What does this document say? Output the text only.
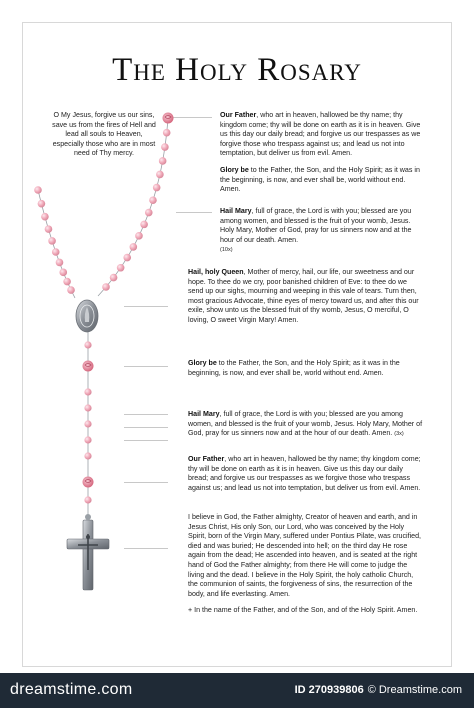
The Holy Rosary
O My Jesus, forgive us our sins, save us from the fires of Hell and lead all souls to Heaven, especially those who are in most need of Thy mercy.
Our Father, who art in heaven, hallowed be thy name; thy kingdom come; thy will be done on earth as it is in heaven. Give us this day our daily bread; and forgive us our trespasses as we forgive those who trespass against us; and lead us not into temptation, but deliver us from evil. Amen.
Glory be to the Father, the Son, and the Holy Spirit; as it was in the beginning, is now, and ever shall be, world without end. Amen.
Hail Mary, full of grace, the Lord is with you; blessed are you among women, and blessed is the fruit of your womb, Jesus. Holy Mary, Mother of God, pray for us sinners now and at the hour of our death. Amen.
(10x)
Hail, holy Queen, Mother of mercy, hail, our life, our sweetness and our hope. To thee do we cry, poor banished children of Eve: to thee do we send up our sighs, mourning and weeping in this vale of tears. Turn then, most gracious Advocate, thine eyes of mercy toward us, and after this our exile, show unto us the blessed fruit of thy womb, Jesus, O merciful, O loving, O sweet Virgin Mary! Amen.
Glory be to the Father, the Son, and the Holy Spirit; as it was in the beginning, is now, and ever shall be, world without end. Amen.
Hail Mary, full of grace, the Lord is with you; blessed are you among women, and blessed is the fruit of your womb, Jesus. Holy Mary, Mother of God, pray for us sinners now and at the hour of our death. Amen. (3x)
Our Father, who art in heaven, hallowed be thy name; thy kingdom come; thy will be done on earth as it is in heaven. Give us this day our daily bread; and forgive us our trespasses as we forgive those who trespass against us; and lead us not into temptation, but deliver us from evil. Amen.
I believe in God, the Father almighty, Creator of heaven and earth, and in Jesus Christ, His only Son, our Lord, who was conceived by the Holy Spirit, born of the Virgin Mary, suffered under Pontius Pilate, was crucified, died and was buried; He descended into hell; on the third day He rose again from the dead; He ascended into heaven, and is seated at the right hand of God the Father almighty; from there He will come to judge the living and the dead. I believe in the Holy Spirit, the holy catholic Church, the communion of saints, the forgiveness of sins, the resurrection of the body, and life everlasting. Amen.
+ In the name of the Father, and of the Son, and of the Holy Spirit. Amen.
dreamstime.com	ID 270939806 © Dreamstime.com
